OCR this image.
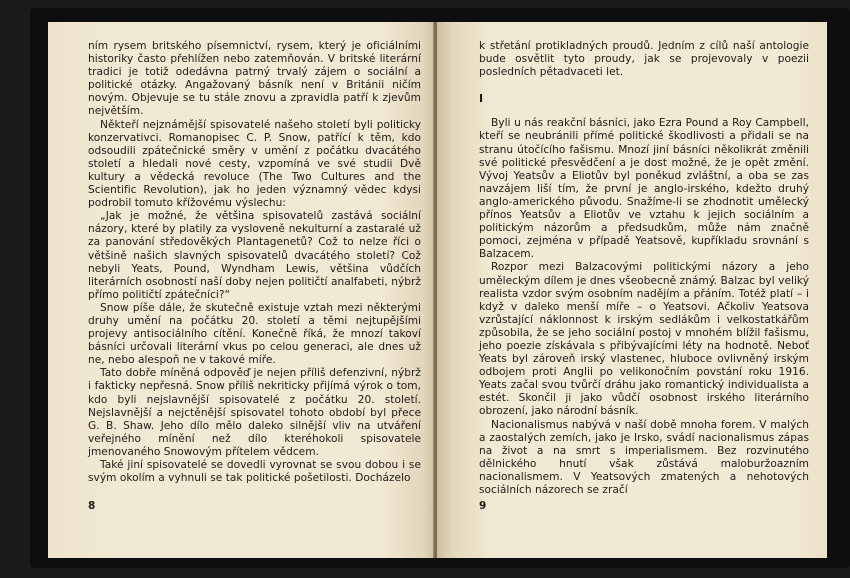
ním rysem britského písemnictví, rysem, který je oficiálními historiky často přehlížen nebo zatemňován. V britské literární tradici je totiž odedávna patrný trvalý zájem o sociální a politické otázky. Angažovaný básník není v Británii ničím novým. Objevuje se tu stále znovu a zpravidla patří k zjevům největším.

Někteří nejznámější spisovatelé našeho století byli politicky konzervativci. Romanopisec C. P. Snow, patřící k těm, kdo odsoudili zpátečnické směry v umění z počátku dvacátého století a hledali nové cesty, vzpomíná ve své studii Dvě kultury a vědecká revoluce (The Two Cultures and the Scientific Revolution), jak ho jeden významný vědec kdysi podrobil tomuto křížovému výslechu:

„Jak je možné, že většina spisovatelů zastává sociální názory, které by platily za vysloveně nekulturní a zastaralé už za panování středověkých Plantagenetů? Což to nelze říci o většině našich slavných spisovatelů dvacátého století? Což nebyli Yeats, Pound, Wyndham Lewis, většina vůdčích literárních osobností naší doby nejen političtí analfabeti, nýbrž přímo političtí zpátečníci?“

Snow píše dále, že skutečně existuje vztah mezi některými druhy umění na počátku 20. století a těmi nejtupějšími projevy antisociálního cítění. Konečně říká, že mnozí takoví básníci určovali literární vkus po celou generaci, ale dnes už ne, nebo alespoň ne v takové míře.

Tato dobře míněná odpověď je nejen příliš defenzivní, nýbrž i fakticky nepřesná. Snow příliš nekriticky přijímá výrok o tom, kdo byli nejslavnější spisovatelé z počátku 20. století. Nejslavnější a nejctěnější spisovatel tohoto období byl přece G. B. Shaw. Jeho dílo mělo daleko silnější vliv na utváření veřejného mínění než dílo kteréhokoli spisovatele jmenovaného Snowovým přítelem vědcem.

Také jiní spisovatelé se dovedli vyrovnat se svou dobou i se svým okolím a vyhnuli se tak politické pošetilosti. Docházelo

8

k střetání protikladných proudů. Jedním z cílů naší antologie bude osvětlit tyto proudy, jak se projevovaly v poezii posledních pětadvaceti let.

I

Byli u nás reakční básníci, jako Ezra Pound a Roy Campbell, kteří se neubránili přímé politické škodlivosti a přidali se na stranu útočícího fašismu. Mnozí jiní básníci několikrát změnili své politické přesvědčení a je dost možné, že je opět změní. Vývoj Yeatsův a Eliotův byl poněkud zvláštní, a oba se zas navzájem liší tím, že první je anglo-irského, kdežto druhý anglo-amerického původu. Snažíme-li se zhodnotit umělecký přínos Yeatsův a Eliotův ve vztahu k jejich sociálním a politickým názorům a předsudkům, může nám značně pomoci, zejména v případě Yeatsově, kupříkladu srovnání s Balzacem.

Rozpor mezi Balzacovými politickými názory a jeho uměleckým dílem je dnes všeobecně známý. Balzac byl veliký realista vzdor svým osobním nadějím a přáním. Totéž platí – i když v daleko menší míře – o Yeatsovi. Ačkoliv Yeatsova vzrůstající náklonnost k irským sedlákům i velkostatkářům způsobila, že se jeho sociální postoj v mnohém blížil fašismu, jeho poezie získávala s přibývajícími léty na hodnotě. Neboť Yeats byl zároveň irský vlastenec, hluboce ovlivněný irským odbojem proti Anglii po velikonočním povstání roku 1916. Yeats začal svou tvůrčí dráhu jako romantický individualista a estét. Skončil ji jako vůdčí osobnost irského literárního obrození, jako národní básník.

Nacionalismus nabývá v naší době mnoha forem. V malých a zaostalých zemích, jako je Irsko, svádí nacionalismus zápas na život a na smrt s imperialismem. Bez rozvinutého dělnického hnutí však zůstává maloburžoazním nacionalismem. V Yeatsových zmatených a nehotových sociálních názorech se zračí

9
